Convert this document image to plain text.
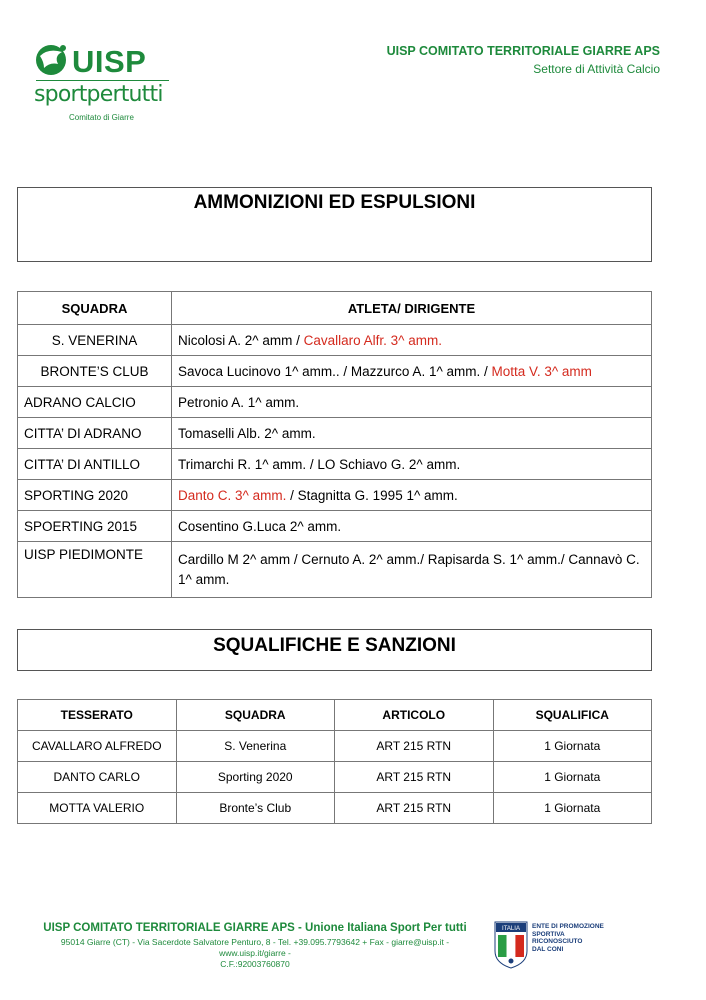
UISP
sportpertutti
Comitato di Giarre
UISP COMITATO TERRITORIALE GIARRE APS
Settore di Attività Calcio
AMMONIZIONI ED ESPULSIONI
SQUADRA	ATLETA/ DIRIGENTE
S. VENERINA	Nicolosi A. 2^ amm / Cavallaro Alfr. 3^ amm.
BRONTE’S CLUB	Savoca Lucinovo 1^ amm.. / Mazzurco A. 1^ amm. / Motta V. 3^ amm
ADRANO CALCIO	Petronio A. 1^ amm.
CITTA’ DI ADRANO	Tomaselli Alb. 2^ amm.
CITTA’ DI ANTILLO	Trimarchi R. 1^ amm. / LO Schiavo G. 2^ amm.
SPORTING 2020	Danto C. 3^ amm. / Stagnitta G. 1995 1^ amm.
SPOERTING 2015	Cosentino G.Luca 2^ amm.
UISP PIEDIMONTE	Cardillo M 2^ amm / Cernuto A. 2^ amm./ Rapisarda S. 1^ amm./ Cannavò C. 1^ amm.
SQUALIFICHE E SANZIONI
TESSERATO	SQUADRA	ARTICOLO	SQUALIFICA
CAVALLARO ALFREDO	S. Venerina	ART 215 RTN	1 Giornata
DANTO CARLO	Sporting 2020	ART 215 RTN	1 Giornata
MOTTA VALERIO	Bronte’s Club	ART 215 RTN	1 Giornata
UISP COMITATO TERRITORIALE GIARRE APS - Unione Italiana Sport Per tutti
95014 Giarre (CT) - Via Sacerdote Salvatore Penturo, 8 - Tel. +39.095.7793642 + Fax - giarre@uisp.it - www.uisp.it/giarre -
C.F.:92003760870
ITALIA ENTE DI PROMOZIONE
SPORTIVA
RICONOSCIUTO
DAL CONI
